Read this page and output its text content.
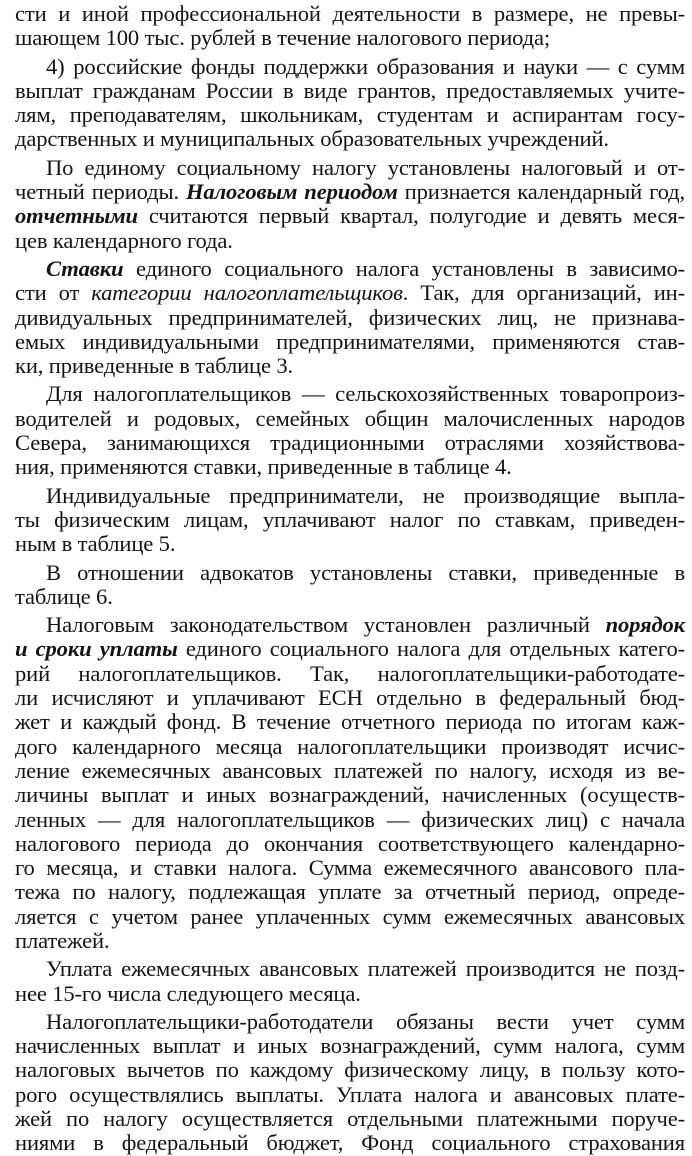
сти и иной профессиональной деятельности в размере, не превы-
шающем 100 тыс. рублей в течение налогового периода;
4) российские фонды поддержки образования и науки — с сумм
выплат гражданам России в виде грантов, предоставляемых учите-
лям, преподавателям, школьникам, студентам и аспирантам госу-
дарственных и муниципальных образовательных учреждений.
По единому социальному налогу установлены налоговый и от-
четный периоды. Налоговым периодом признается календарный год,
отчетными считаются первый квартал, полугодие и девять меся-
цев календарного года.
Ставки единого социального налога установлены в зависимо-
сти от категории налогоплательщиков. Так, для организаций, ин-
дивидуальных предпринимателей, физических лиц, не признава-
емых индивидуальными предпринимателями, применяются став-
ки, приведенные в таблице 3.
Для налогоплательщиков — сельскохозяйственных товаропроиз-
водителей и родовых, семейных общин малочисленных народов
Севера, занимающихся традиционными отраслями хозяйствова-
ния, применяются ставки, приведенные в таблице 4.
Индивидуальные предприниматели, не производящие выпла-
ты физическим лицам, уплачивают налог по ставкам, приведен-
ным в таблице 5.
В отношении адвокатов установлены ставки, приведенные в
таблице 6.
Налоговым законодательством установлен различный порядок
и сроки уплаты единого социального налога для отдельных катего-
рий налогоплательщиков. Так, налогоплательщики-работодате-
ли исчисляют и уплачивают ЕСН отдельно в федеральный бюд-
жет и каждый фонд. В течение отчетного периода по итогам каж-
дого календарного месяца налогоплательщики производят исчис-
ление ежемесячных авансовых платежей по налогу, исходя из ве-
личины выплат и иных вознаграждений, начисленных (осуществ-
ленных — для налогоплательщиков — физических лиц) с начала
налогового периода до окончания соответствующего календарно-
го месяца, и ставки налога. Сумма ежемесячного авансового пла-
тежа по налогу, подлежащая уплате за отчетный период, опреде-
ляется с учетом ранее уплаченных сумм ежемесячных авансовых
платежей.
Уплата ежемесячных авансовых платежей производится не позд-
нее 15-го числа следующего месяца.
Налогоплательщики-работодатели обязаны вести учет сумм
начисленных выплат и иных вознаграждений, сумм налога, сумм
налоговых вычетов по каждому физическому лицу, в пользу кото-
рого осуществлялись выплаты. Уплата налога и авансовых плате-
жей по налогу осуществляется отдельными платежными поруче-
ниями в федеральный бюджет, Фонд социального страхования
